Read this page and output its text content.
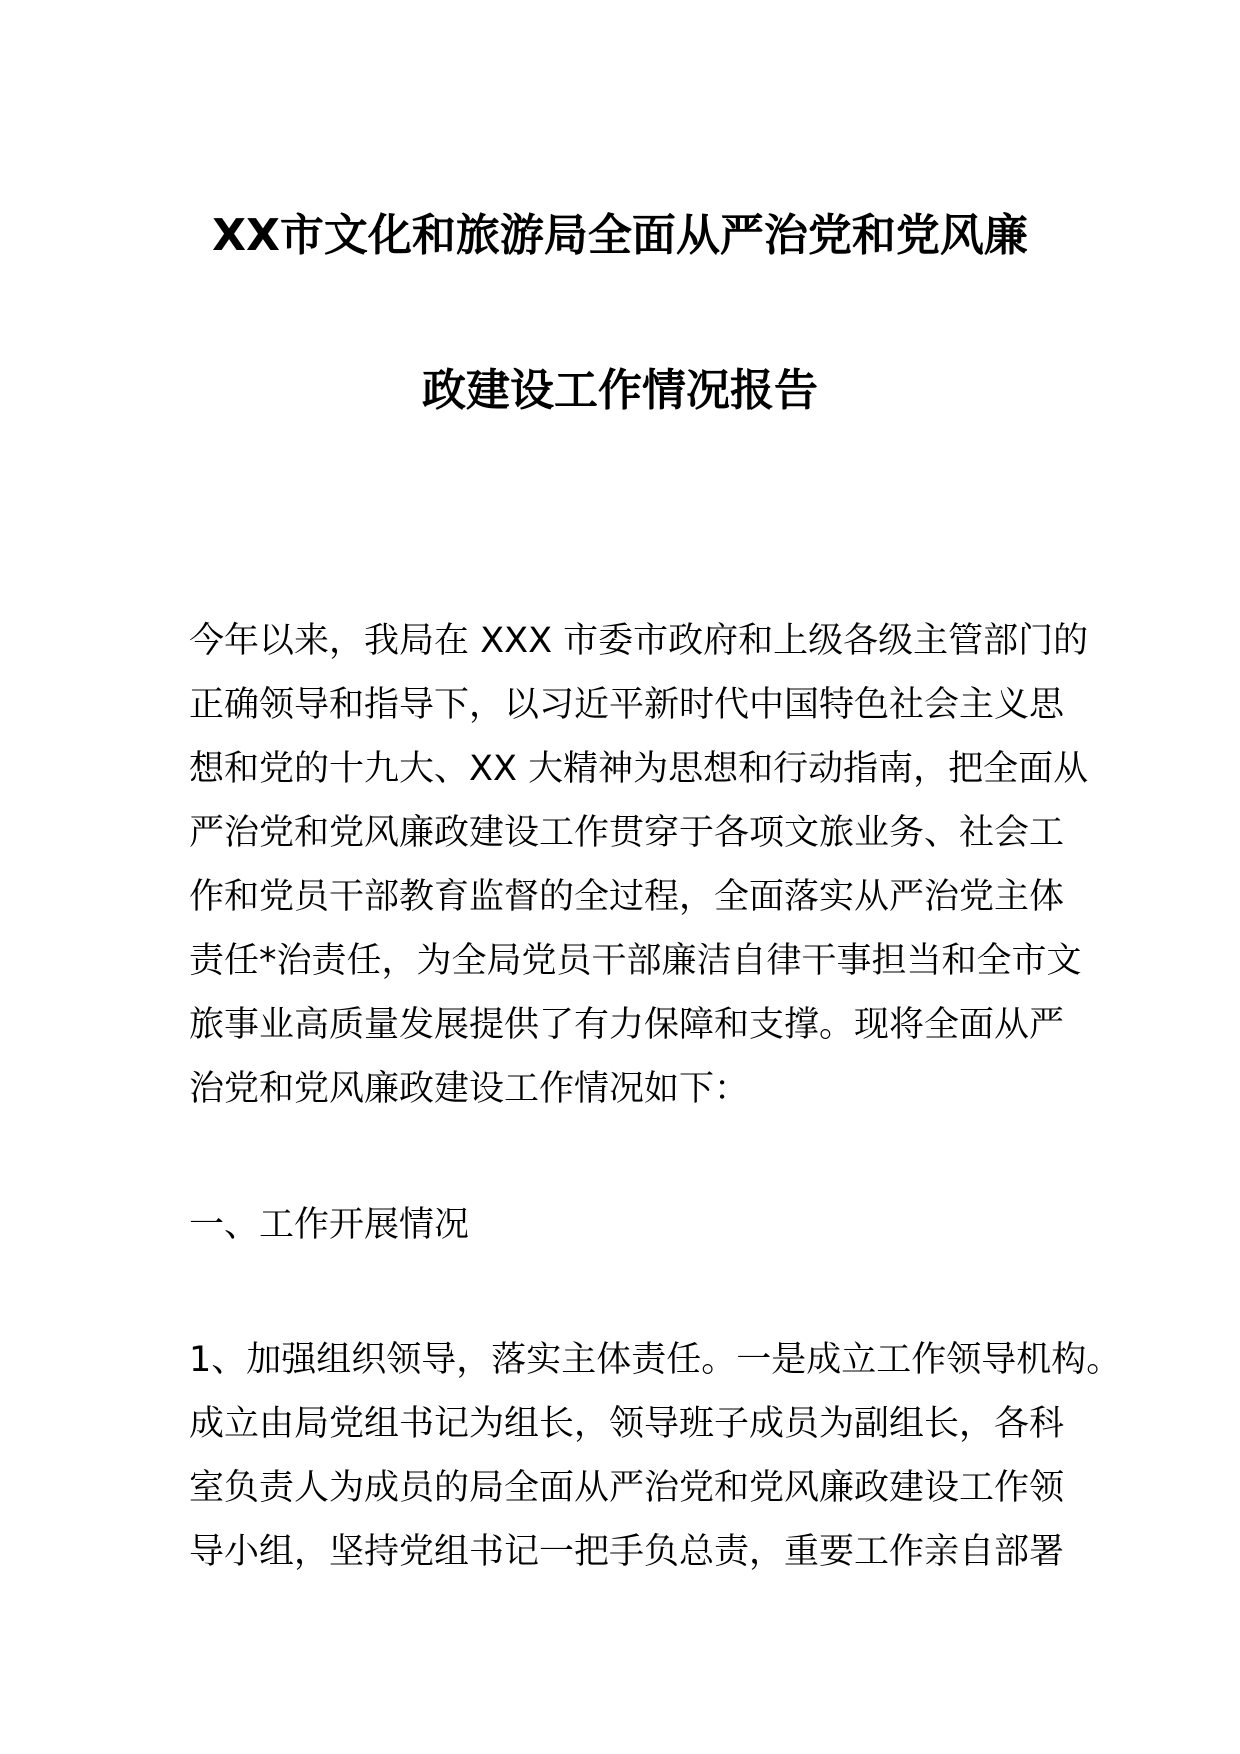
XX市文化和旅游局全面从严治党和党风廉
政建设工作情况报告
今年以来，我局在 XXX 市委市政府和上级各级主管部门的
正确领导和指导下，以习近平新时代中国特色社会主义思
想和党的十九大、XX 大精神为思想和行动指南，把全面从
严治党和党风廉政建设工作贯穿于各项文旅业务、社会工
作和党员干部教育监督的全过程，全面落实从严治党主体
责任*治责任，为全局党员干部廉洁自律干事担当和全市文
旅事业高质量发展提供了有力保障和支撑。现将全面从严
治党和党风廉政建设工作情况如下：
一、工作开展情况
1、加强组织领导，落实主体责任。一是成立工作领导机构。
成立由局党组书记为组长，领导班子成员为副组长，各科
室负责人为成员的局全面从严治党和党风廉政建设工作领
导小组，坚持党组书记一把手负总责，重要工作亲自部署
